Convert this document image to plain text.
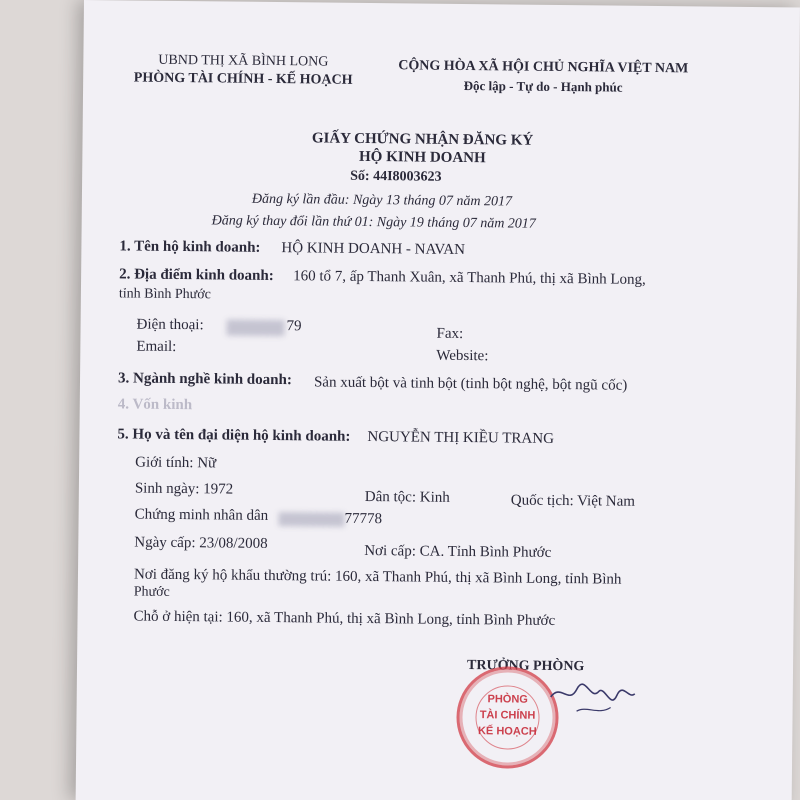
UBND THỊ XÃ BÌNH LONG
PHÒNG TÀI CHÍNH - KẾ HOẠCH
CỘNG HÒA XÃ HỘI CHỦ NGHĨA VIỆT NAM
Độc lập - Tự do - Hạnh phúc
GIẤY CHỨNG NHẬN ĐĂNG KÝ
HỘ KINH DOANH
Số: 44I8003623
Đăng ký lần đầu: Ngày 13 tháng 07 năm 2017
Đăng ký thay đổi lần thứ 01: Ngày 19 tháng 07 năm 2017
1. Tên hộ kinh doanh: HỘ KINH DOANH - NAVAN
2. Địa điểm kinh doanh: 160 tổ 7, ấp Thanh Xuân, xã Thanh Phú, thị xã Bình Long,
tỉnh Bình Phước
Điện thoại:	79	Fax:
Email:
Website:
3. Ngành nghề kinh doanh: Sản xuất bột và tinh bột (tinh bột nghệ, bột ngũ cốc)
4. Vốn kinh
5. Họ và tên đại diện hộ kinh doanh: NGUYỄN THỊ KIỀU TRANG
Giới tính: Nữ
Sinh ngày: 1972	Dân tộc: Kinh	Quốc tịch: Việt Nam
Chứng minh nhân dân	77778
Ngày cấp: 23/08/2008	Nơi cấp: CA. Tỉnh Bình Phước
Nơi đăng ký hộ khẩu thường trú: 160, xã Thanh Phú, thị xã Bình Long, tỉnh Bình
Phước
Chỗ ở hiện tại: 160, xã Thanh Phú, thị xã Bình Long, tỉnh Bình Phước
TRƯỞNG PHÒNG
PHÒNG
TÀI CHÍNH
KẾ HOẠCH
